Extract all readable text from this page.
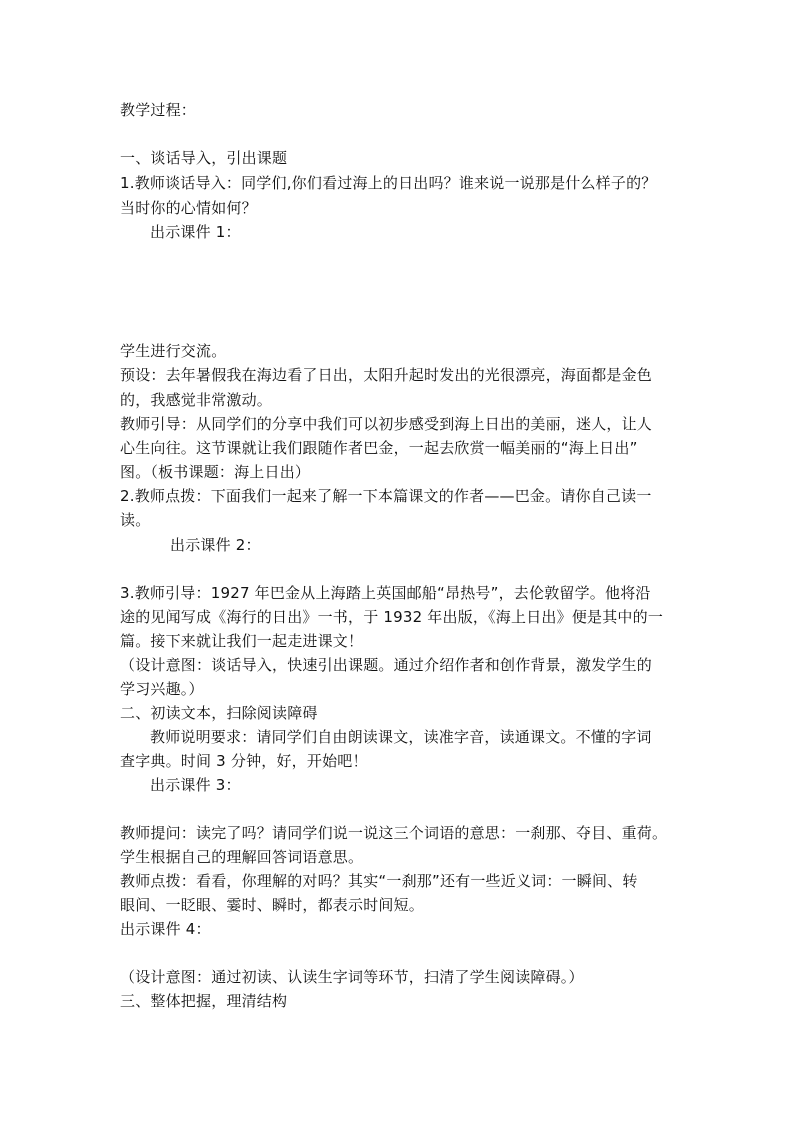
教学过程：
一、谈话导入，引出课题
1.教师谈话导入：同学们,你们看过海上的日出吗？谁来说一说那是什么样子的？
当时你的心情如何？
出示课件 1：
学生进行交流。
预设：去年暑假我在海边看了日出，太阳升起时发出的光很漂亮，海面都是金色
的，我感觉非常激动。
教师引导：从同学们的分享中我们可以初步感受到海上日出的美丽，迷人，让人
心生向往。这节课就让我们跟随作者巴金，一起去欣赏一幅美丽的“海上日出”
图。（板书课题：海上日出）
2.教师点拨：下面我们一起来了解一下本篇课文的作者——巴金。请你自己读一
读。
出示课件 2：
3.教师引导：1927 年巴金从上海踏上英国邮船“昂热号”，去伦敦留学。他将沿
途的见闻写成《海行的日出》一书，于 1932 年出版，《海上日出》便是其中的一
篇。接下来就让我们一起走进课文！
（设计意图：谈话导入，快速引出课题。通过介绍作者和创作背景，激发学生的
学习兴趣。）
二、初读文本，扫除阅读障碍
教师说明要求：请同学们自由朗读课文，读准字音，读通课文。不懂的字词
查字典。时间 3 分钟，好，开始吧！
出示课件 3：
教师提问：读完了吗？请同学们说一说这三个词语的意思：一刹那、夺目、重荷。
学生根据自己的理解回答词语意思。
教师点拨：看看，你理解的对吗？其实“一刹那”还有一些近义词：一瞬间、转
眼间、一眨眼、霎时、瞬时，都表示时间短。
出示课件 4：
（设计意图：通过初读、认读生字词等环节，扫清了学生阅读障碍。）
三、整体把握，理清结构
